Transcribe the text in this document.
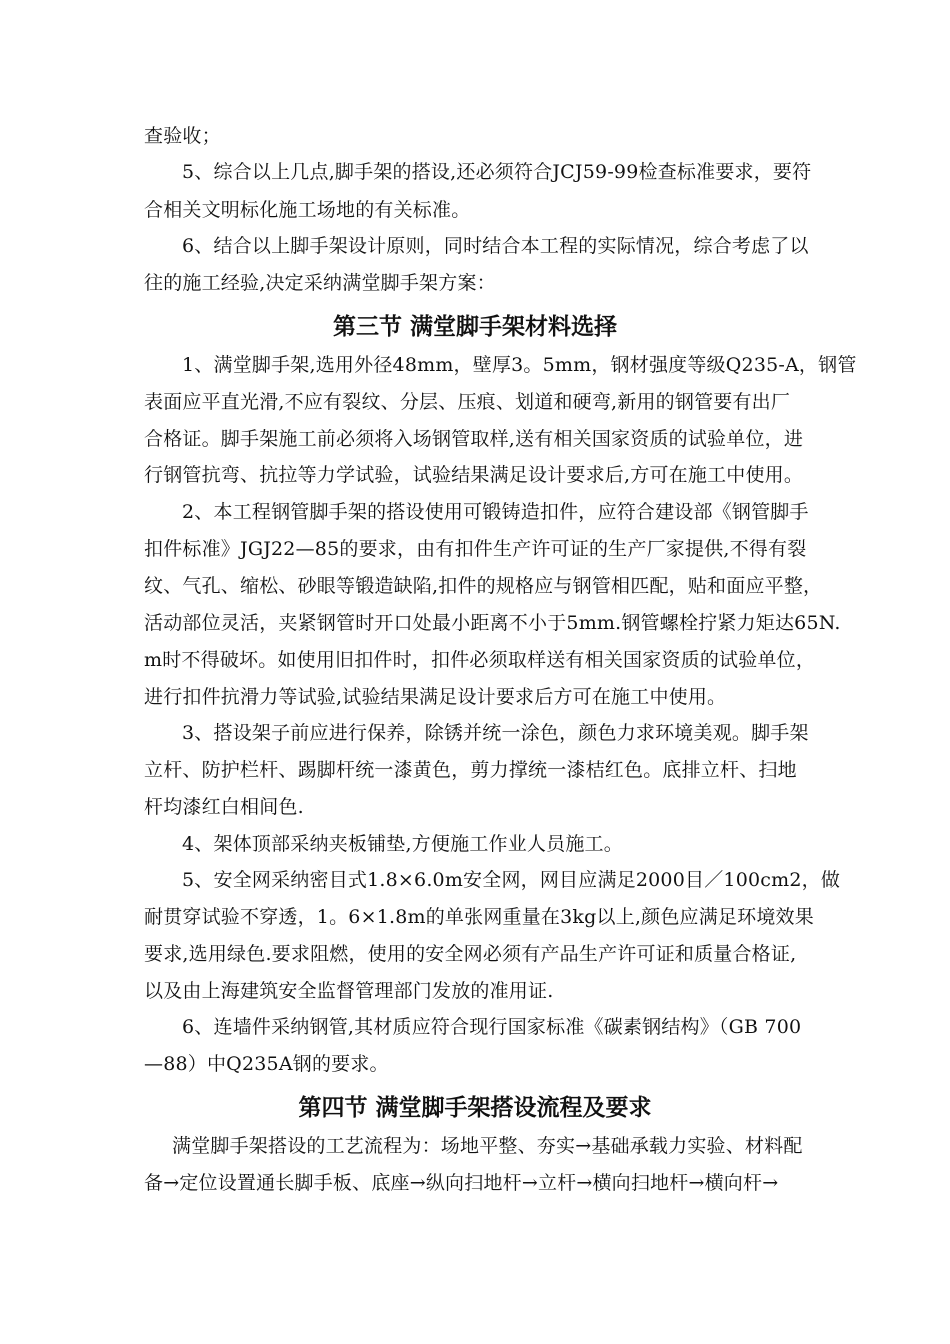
查验收；
5、综合以上几点,脚手架的搭设,还必须符合JCJ59-99检查标准要求，要符
合相关文明标化施工场地的有关标准。
6、结合以上脚手架设计原则，同时结合本工程的实际情况，综合考虑了以
往的施工经验,决定采纳满堂脚手架方案：
第三节 满堂脚手架材料选择
1、满堂脚手架,选用外径48mm，壁厚3。5mm，钢材强度等级Q235-A，钢管
表面应平直光滑,不应有裂纹、分层、压痕、划道和硬弯,新用的钢管要有出厂
合格证。脚手架施工前必须将入场钢管取样,送有相关国家资质的试验单位，进
行钢管抗弯、抗拉等力学试验，试验结果满足设计要求后,方可在施工中使用。
2、本工程钢管脚手架的搭设使用可锻铸造扣件，应符合建设部《钢管脚手
扣件标准》JGJ22—85的要求，由有扣件生产许可证的生产厂家提供,不得有裂
纹、气孔、缩松、砂眼等锻造缺陷,扣件的规格应与钢管相匹配，贴和面应平整，
活动部位灵活，夹紧钢管时开口处最小距离不小于5mm.钢管螺栓拧紧力矩达65N.
m时不得破坏。如使用旧扣件时，扣件必须取样送有相关国家资质的试验单位，
进行扣件抗滑力等试验,试验结果满足设计要求后方可在施工中使用。
3、搭设架子前应进行保养，除锈并统一涂色，颜色力求环境美观。脚手架
立杆、防护栏杆、踢脚杆统一漆黄色，剪力撑统一漆桔红色。底排立杆、扫地
杆均漆红白相间色.
4、架体顶部采纳夹板铺垫,方便施工作业人员施工。
5、安全网采纳密目式1.8×6.0m安全网，网目应满足2000目／100cm2，做
耐贯穿试验不穿透，1。6×1.8m的单张网重量在3kg以上,颜色应满足环境效果
要求,选用绿色.要求阻燃，使用的安全网必须有产品生产许可证和质量合格证,
以及由上海建筑安全监督管理部门发放的准用证.
6、连墙件采纳钢管,其材质应符合现行国家标准《碳素钢结构》（GB 700
—88）中Q235A钢的要求。
第四节 满堂脚手架搭设流程及要求
满堂脚手架搭设的工艺流程为：场地平整、夯实→基础承载力实验、材料配
备→定位设置通长脚手板、底座→纵向扫地杆→立杆→横向扫地杆→横向杆→
